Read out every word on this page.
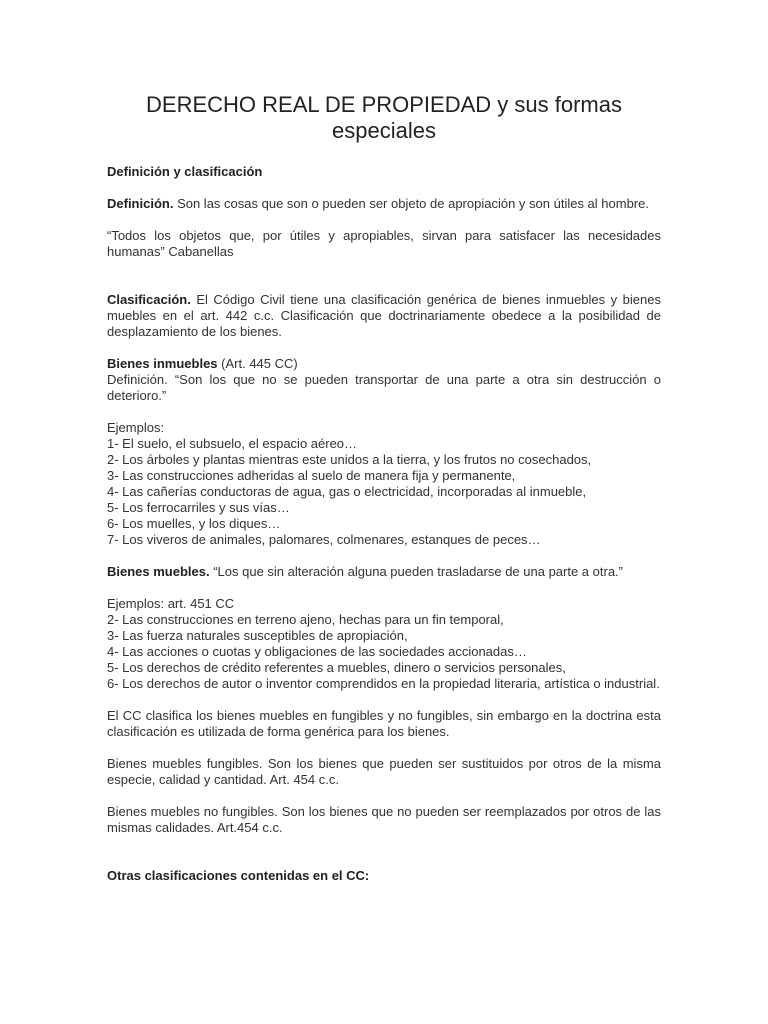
DERECHO REAL DE PROPIEDAD y sus formas especiales
Definición y clasificación

Definición. Son las cosas que son o pueden ser objeto de apropiación y son útiles al hombre.

“Todos los objetos que, por útiles y apropiables, sirvan para satisfacer las necesidades humanas” Cabanellas

Clasificación. El Código Civil tiene una clasificación genérica de bienes inmuebles y bienes muebles en el art. 442 c.c. Clasificación que doctrinariamente obedece a la posibilidad de desplazamiento de los bienes.

Bienes inmuebles (Art. 445 CC)

Definición. “Son los que no se pueden transportar de una parte a otra sin destrucción o deterioro.”

Ejemplos:

1- El suelo, el subsuelo, el espacio aéreo…
2- Los árboles y plantas mientras este unidos a la tierra, y los frutos no cosechados,
3- Las construcciones adheridas al suelo de manera fija y permanente,
4- Las cañerías conductoras de agua, gas o electricidad, incorporadas al inmueble,
5- Los ferrocarriles y sus vías…
6- Los muelles, y los diques…
7- Los viveros de animales, palomares, colmenares, estanques de peces…

Bienes muebles. “Los que sin alteración alguna pueden trasladarse de una parte a otra.”

Ejemplos: art. 451 CC

2- Las construcciones en terreno ajeno, hechas para un fin temporal,
3- Las fuerza naturales susceptibles de apropiación,
4- Las acciones o cuotas y obligaciones de las sociedades accionadas…
5- Los derechos de crédito referentes a muebles, dinero o servicios personales,
6- Los derechos de autor o inventor comprendidos en la propiedad literaria, artística o industrial.

El CC clasifica los bienes muebles en fungibles y no fungibles, sin embargo en la doctrina esta clasificación es utilizada de forma genérica para los bienes.

Bienes muebles fungibles. Son los bienes que pueden ser sustituidos por otros de la misma especie, calidad y cantidad. Art. 454 c.c.

Bienes muebles no fungibles. Son los bienes que no pueden ser reemplazados por otros de las mismas calidades. Art.454 c.c.

Otras clasificaciones contenidas en el CC:
